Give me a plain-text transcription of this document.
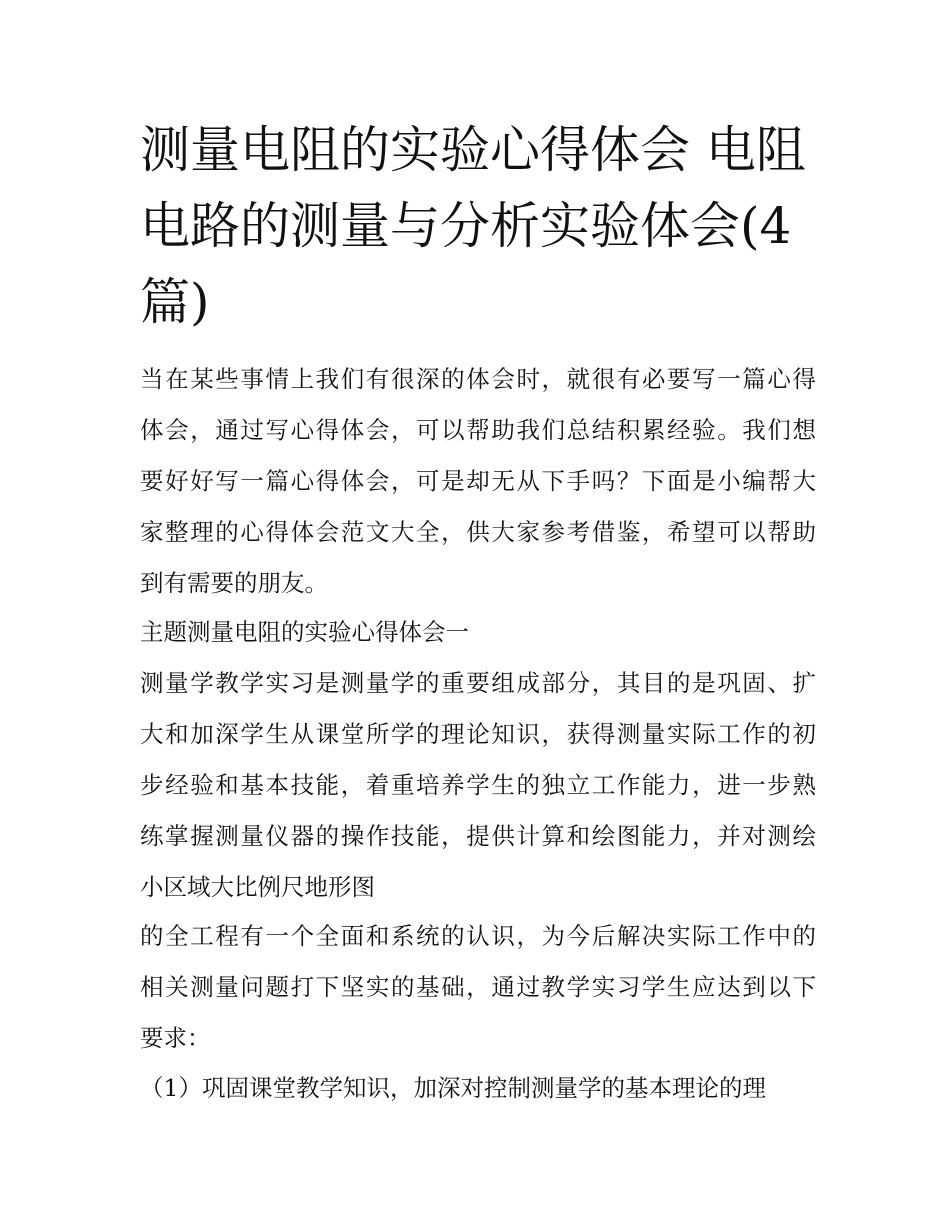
测量电阻的实验心得体会 电阻
电路的测量与分析实验体会(4
篇)
当在某些事情上我们有很深的体会时，就很有必要写一篇心得
体会，通过写心得体会，可以帮助我们总结积累经验。我们想
要好好写一篇心得体会，可是却无从下手吗？下面是小编帮大
家整理的心得体会范文大全，供大家参考借鉴，希望可以帮助
到有需要的朋友。
主题测量电阻的实验心得体会一
测量学教学实习是测量学的重要组成部分，其目的是巩固、扩
大和加深学生从课堂所学的理论知识，获得测量实际工作的初
步经验和基本技能，着重培养学生的独立工作能力，进一步熟
练掌握测量仪器的操作技能，提供计算和绘图能力，并对测绘
小区域大比例尺地形图
的全工程有一个全面和系统的认识，为今后解决实际工作中的
相关测量问题打下坚实的基础，通过教学实习学生应达到以下
要求：
（1）巩固课堂教学知识，加深对控制测量学的基本理论的理
